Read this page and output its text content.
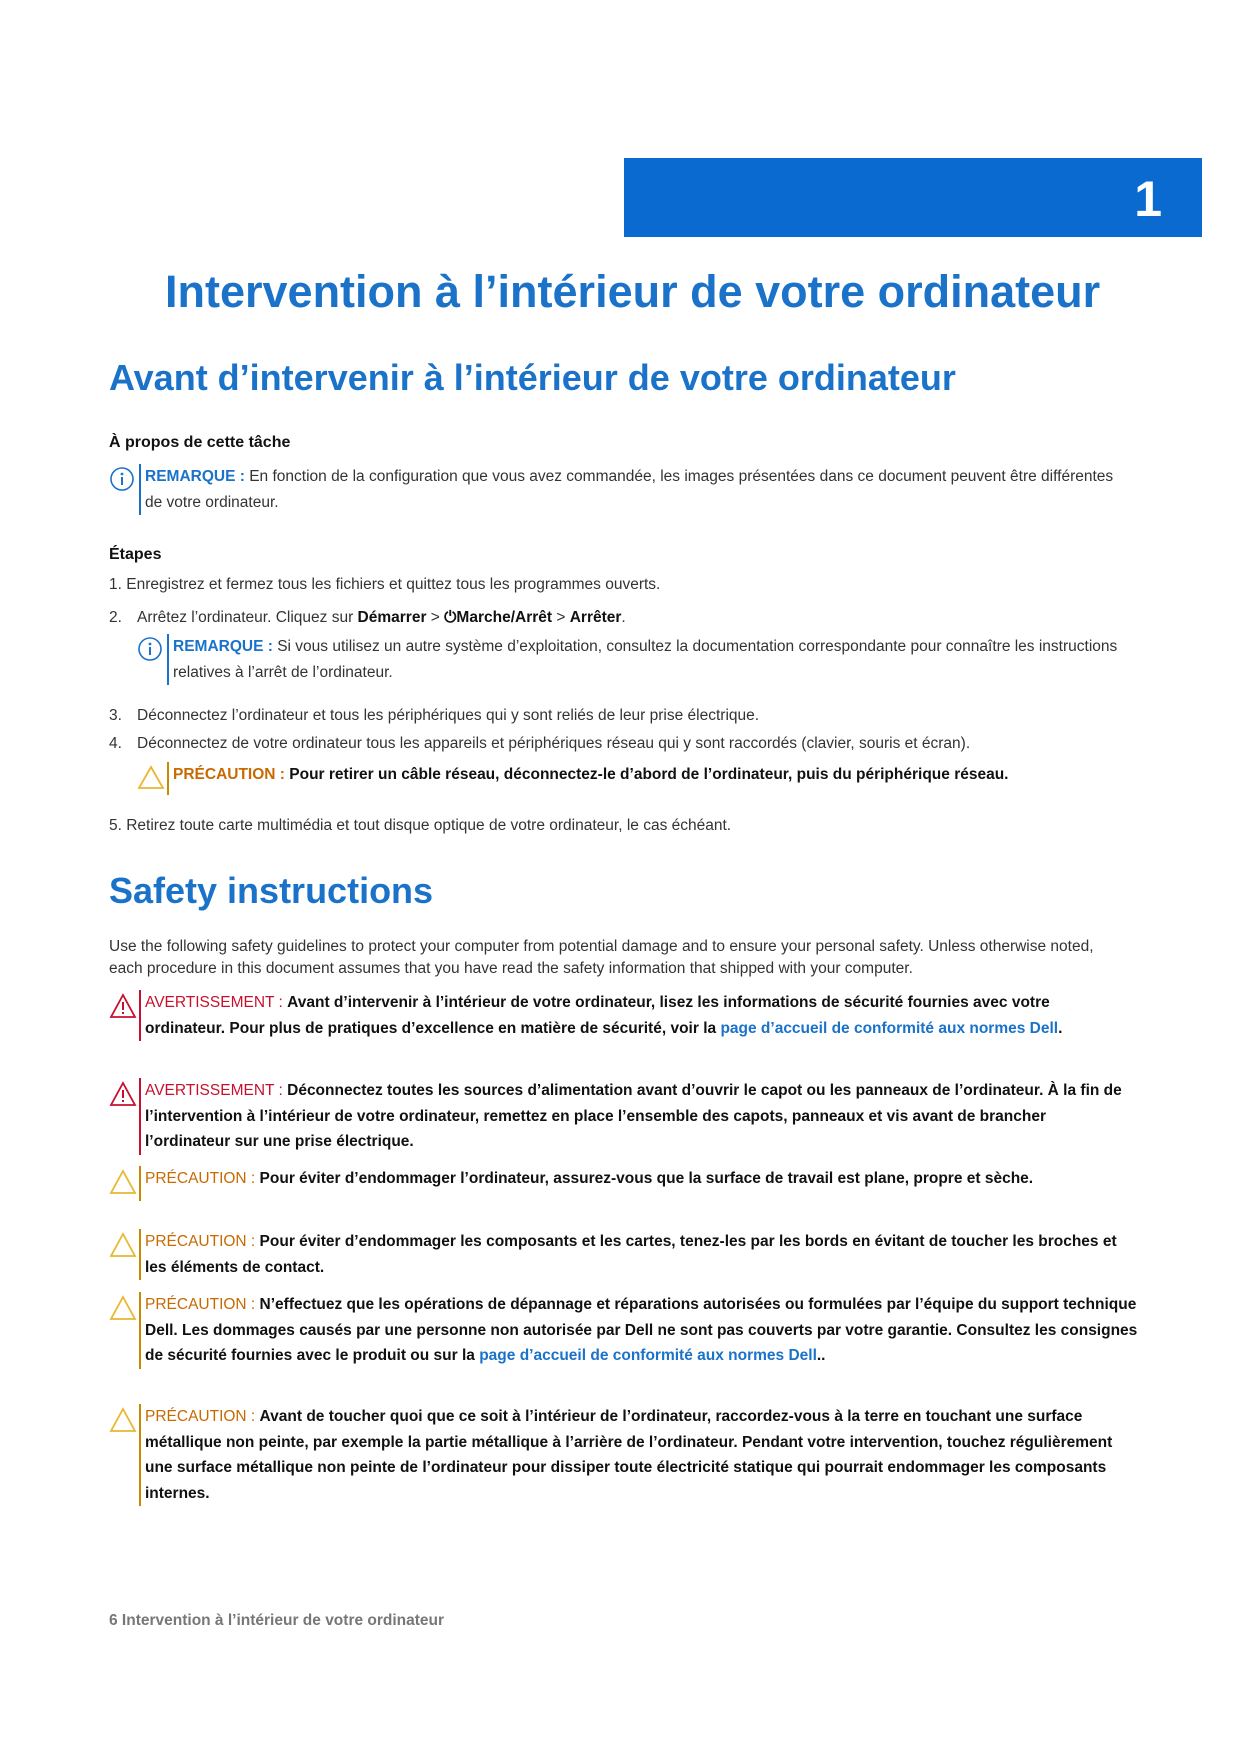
1
Intervention à l’intérieur de votre ordinateur
Avant d’intervenir à l’intérieur de votre ordinateur
À propos de cette tâche
REMARQUE : En fonction de la configuration que vous avez commandée, les images présentées dans ce document peuvent être différentes de votre ordinateur.
Étapes
1. Enregistrez et fermez tous les fichiers et quittez tous les programmes ouverts.
2. Arrêtez l’ordinateur. Cliquez sur Démarrer > ⏻Marche/Arrêt > Arrêter.
REMARQUE : Si vous utilisez un autre système d’exploitation, consultez la documentation correspondante pour connaître les instructions relatives à l’arrêt de l’ordinateur.
3. Déconnectez l’ordinateur et tous les périphériques qui y sont reliés de leur prise électrique.
4. Déconnectez de votre ordinateur tous les appareils et périphériques réseau qui y sont raccordés (clavier, souris et écran).
PRÉCAUTION : Pour retirer un câble réseau, déconnectez-le d’abord de l’ordinateur, puis du périphérique réseau.
5. Retirez toute carte multimédia et tout disque optique de votre ordinateur, le cas échéant.
Safety instructions
Use the following safety guidelines to protect your computer from potential damage and to ensure your personal safety. Unless otherwise noted, each procedure in this document assumes that you have read the safety information that shipped with your computer.
AVERTISSEMENT : Avant d’intervenir à l’intérieur de votre ordinateur, lisez les informations de sécurité fournies avec votre ordinateur. Pour plus de pratiques d’excellence en matière de sécurité, voir la page d’accueil de conformité aux normes Dell.
AVERTISSEMENT : Déconnectez toutes les sources d’alimentation avant d’ouvrir le capot ou les panneaux de l’ordinateur. À la fin de l’intervention à l’intérieur de votre ordinateur, remettez en place l’ensemble des capots, panneaux et vis avant de brancher l’ordinateur sur une prise électrique.
PRÉCAUTION : Pour éviter d’endommager l’ordinateur, assurez-vous que la surface de travail est plane, propre et sèche.
PRÉCAUTION : Pour éviter d’endommager les composants et les cartes, tenez-les par les bords en évitant de toucher les broches et les éléments de contact.
PRÉCAUTION : N’effectuez que les opérations de dépannage et réparations autorisées ou formulées par l’équipe du support technique Dell. Les dommages causés par une personne non autorisée par Dell ne sont pas couverts par votre garantie. Consultez les consignes de sécurité fournies avec le produit ou sur la page d’accueil de conformité aux normes Dell..
PRÉCAUTION : Avant de toucher quoi que ce soit à l’intérieur de l’ordinateur, raccordez-vous à la terre en touchant une surface métallique non peinte, par exemple la partie métallique à l’arrière de l’ordinateur. Pendant votre intervention, touchez régulièrement une surface métallique non peinte de l’ordinateur pour dissiper toute électricité statique qui pourrait endommager les composants internes.
6 Intervention à l’intérieur de votre ordinateur
